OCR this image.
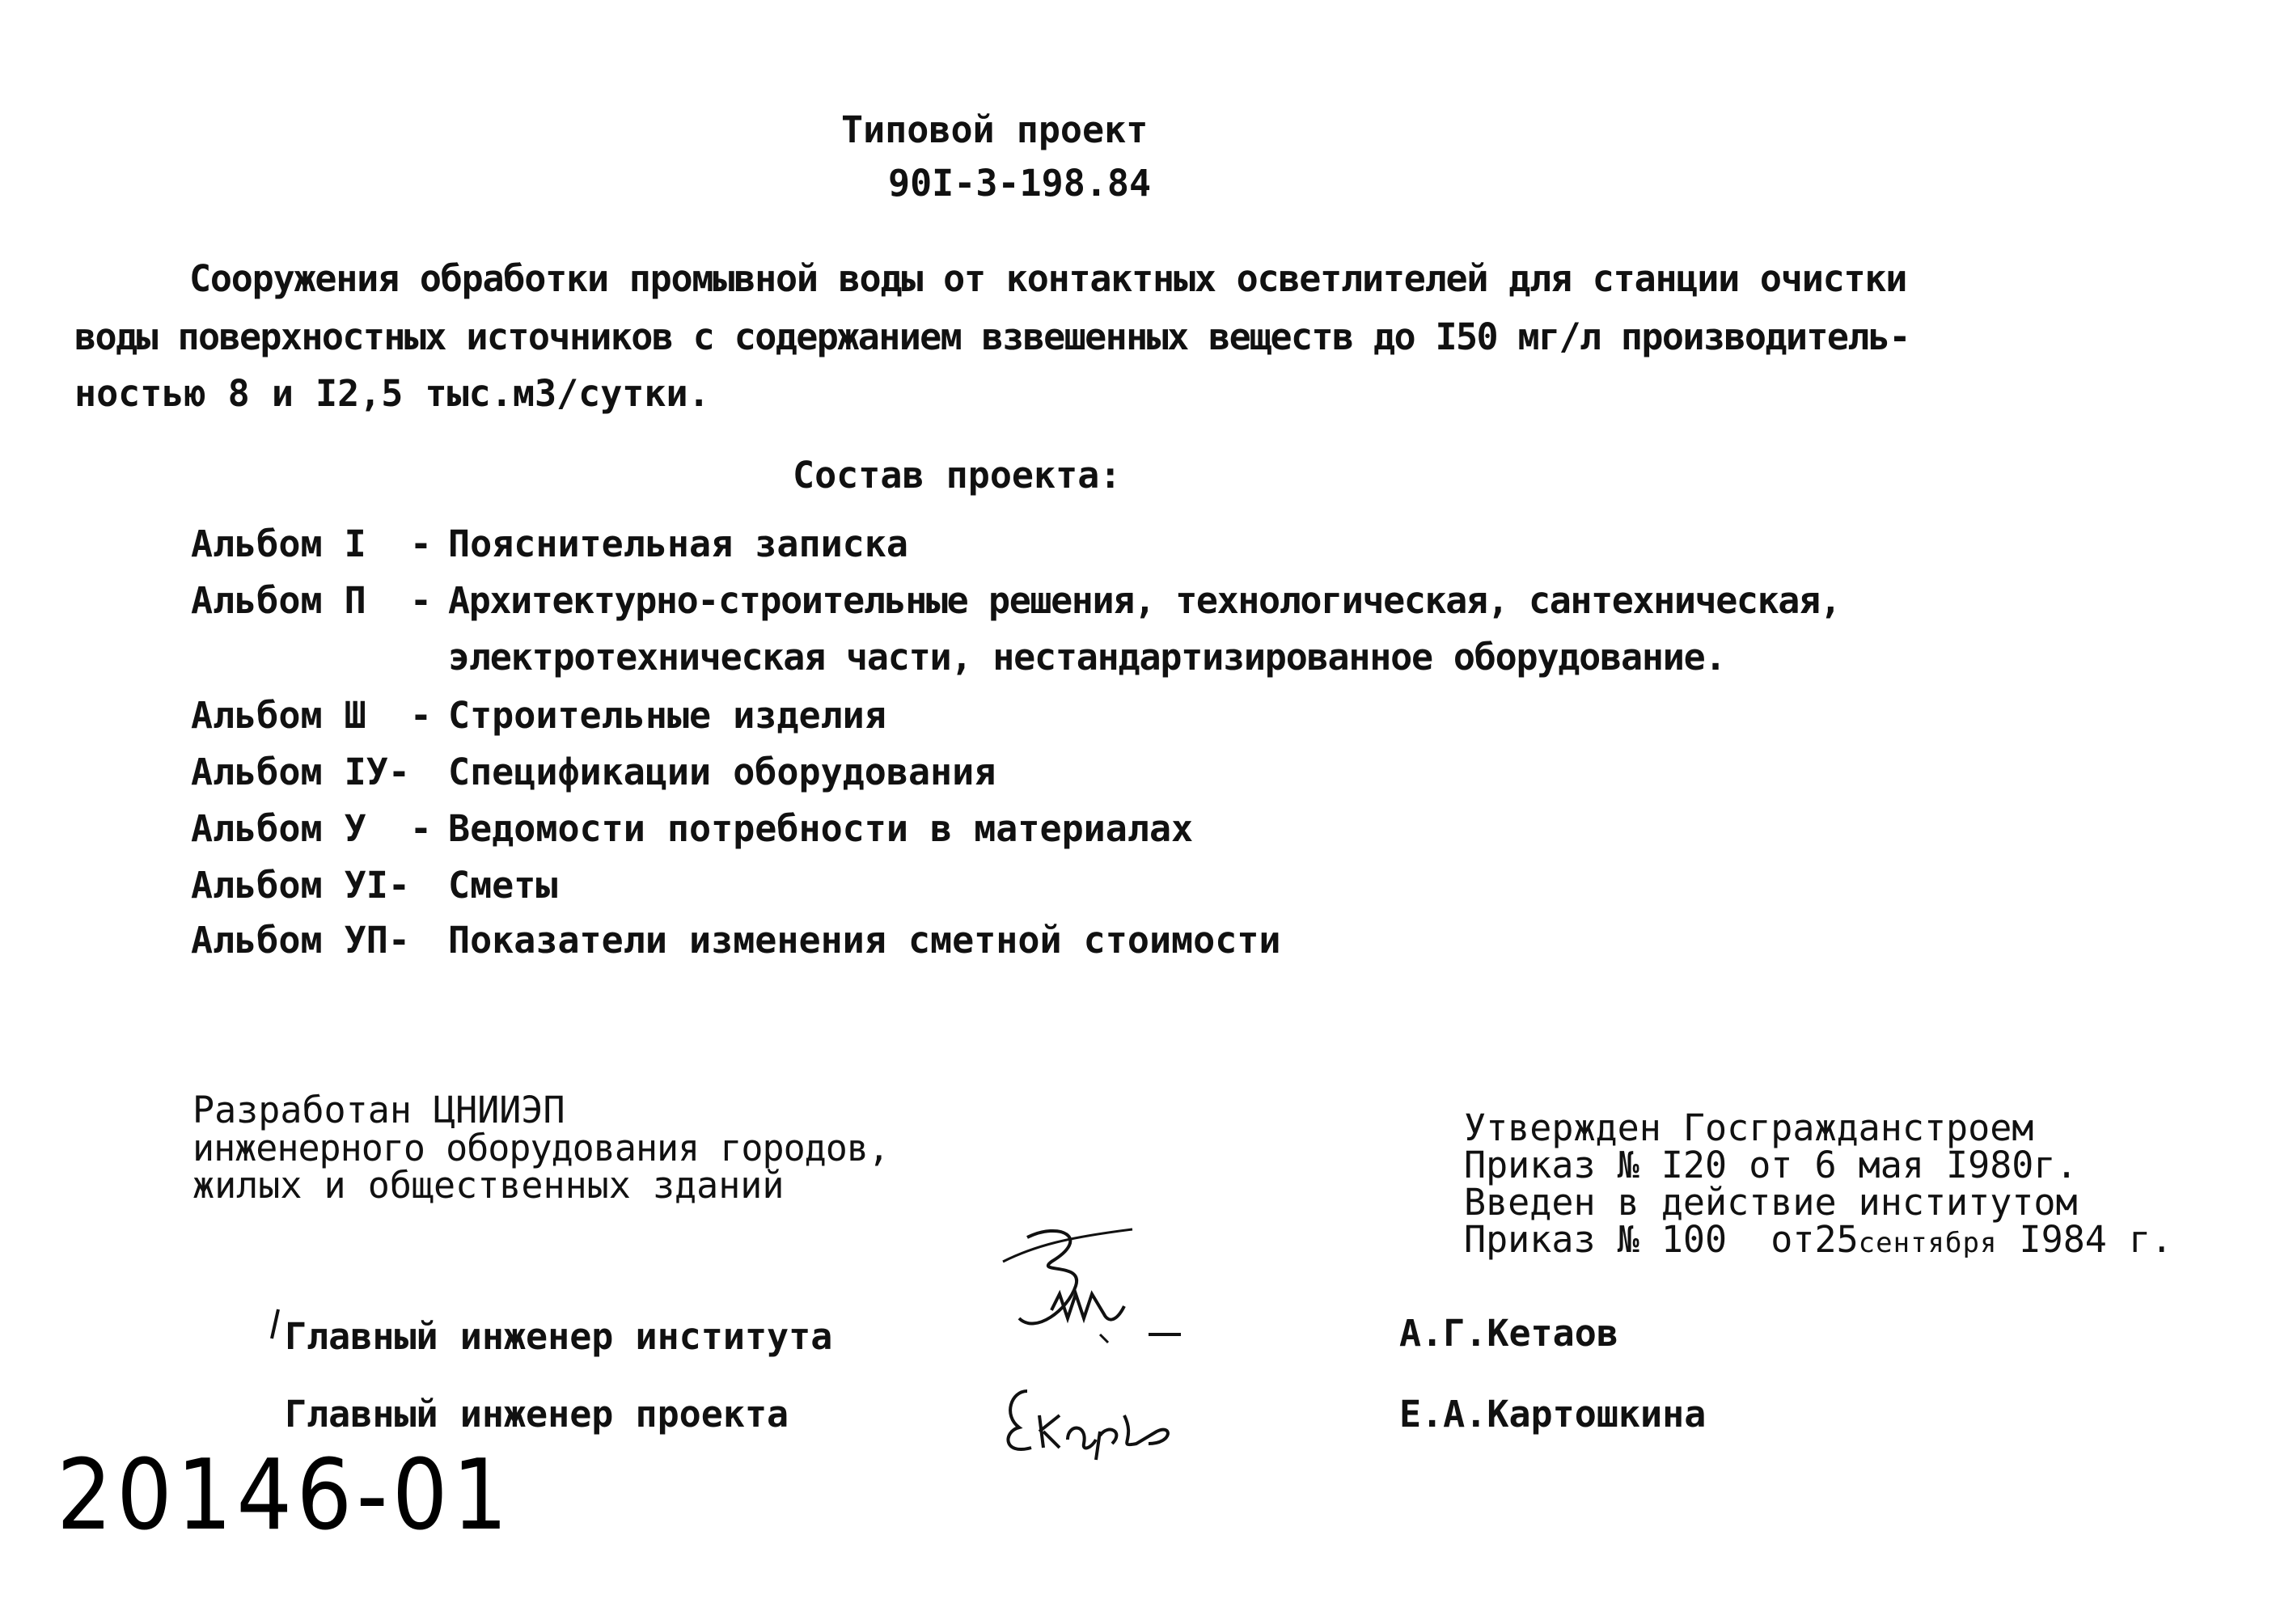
Типовой проект
90I-3-198.84
Сооружения обработки промывной воды от контактных осветлителей для станции очистки
воды поверхностных источников с содержанием взвешенных веществ до I50 мг/л производитель-
ностью 8 и I2,5 тыс.м3/сутки.
Состав проекта:
Альбом I  - Пояснительная записка
Альбом П  - Архитектурно-строительные решения, технологическая, сантехническая,
электротехническая части, нестандартизированное оборудование.
Альбом Ш  - Строительные изделия
Альбом IУ- Спецификации оборудования
Альбом У  - Ведомости потребности в материалах
Альбом УI- Сметы
Альбом УП- Показатели изменения сметной стоимости
Разработан ЦНИИЭП
инженерного оборудования городов,
жилых и общественных зданий
Утвержден Госгражданстроем
Приказ № I20 от 6 мая I980г.
Введен в действие институтом
Приказ № 100  от25сентября I984 г.
Главный инженер института	А.Г.Кетаов
Главный инженер проекта	Е.А.Картошкина
20146-01
